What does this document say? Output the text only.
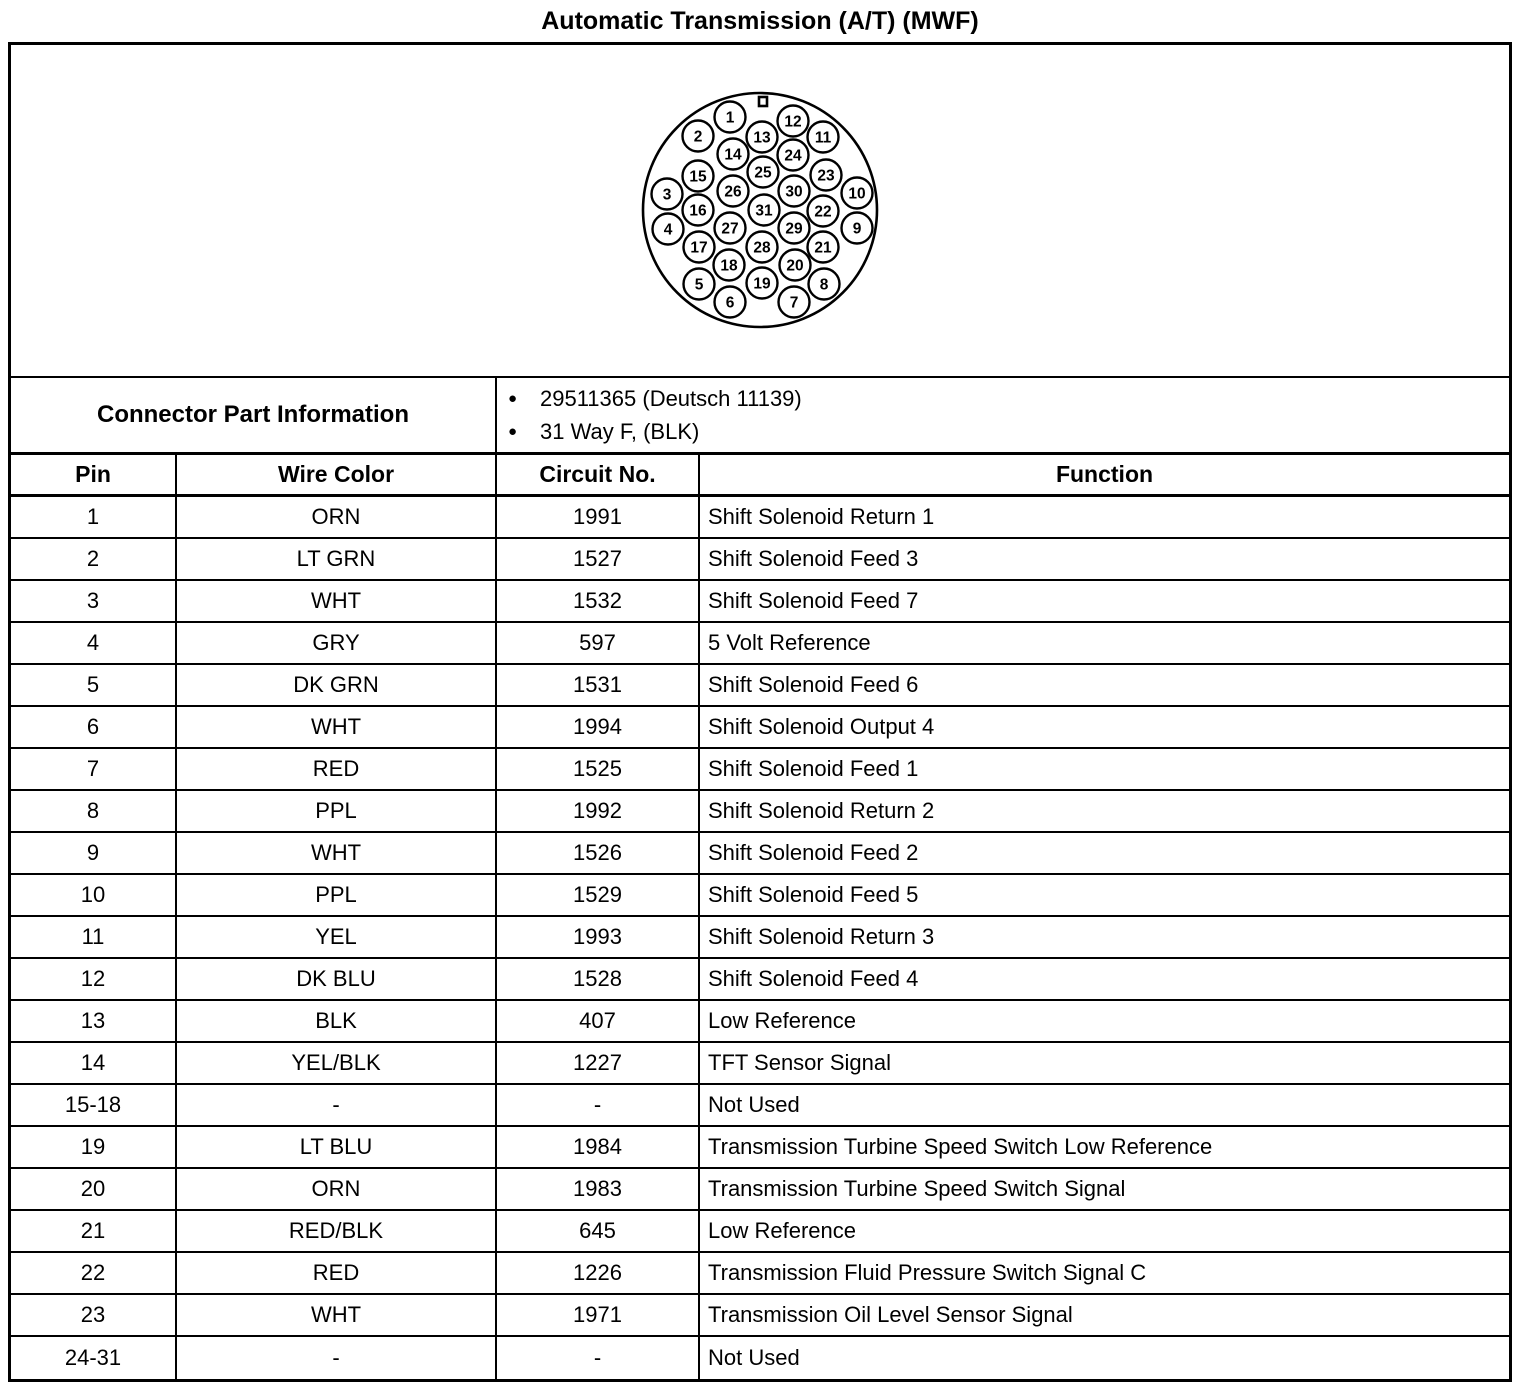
Automatic Transmission (A/T) (MWF)
1
2
3
4
5
6	7
8
9
10
11
12
13
14
15
16
17
18
19
20
21
22
23
24
25
26
27
28
29
30
31
Connector Part Information
●	29511365 (Deutsch 11139)
●	31 Way F, (BLK)
Pin	Wire Color	Circuit No.	Function
1	ORN	1991	Shift Solenoid Return 1
2	LT GRN	1527	Shift Solenoid Feed 3
3	WHT	1532	Shift Solenoid Feed 7
4	GRY	597	5 Volt Reference
5	DK GRN	1531	Shift Solenoid Feed 6
6	WHT	1994	Shift Solenoid Output 4
7	RED	1525	Shift Solenoid Feed 1
8	PPL	1992	Shift Solenoid Return 2
9	WHT	1526	Shift Solenoid Feed 2
10	PPL	1529	Shift Solenoid Feed 5
11	YEL	1993	Shift Solenoid Return 3
12	DK BLU	1528	Shift Solenoid Feed 4
13	BLK	407	Low Reference
14	YEL/BLK	1227	TFT Sensor Signal
15-18	-	-	Not Used
19	LT BLU	1984	Transmission Turbine Speed Switch Low Reference
20	ORN	1983	Transmission Turbine Speed Switch Signal
21	RED/BLK	645	Low Reference
22	RED	1226	Transmission Fluid Pressure Switch Signal C
23	WHT	1971	Transmission Oil Level Sensor Signal
24-31	-	-	Not Used
